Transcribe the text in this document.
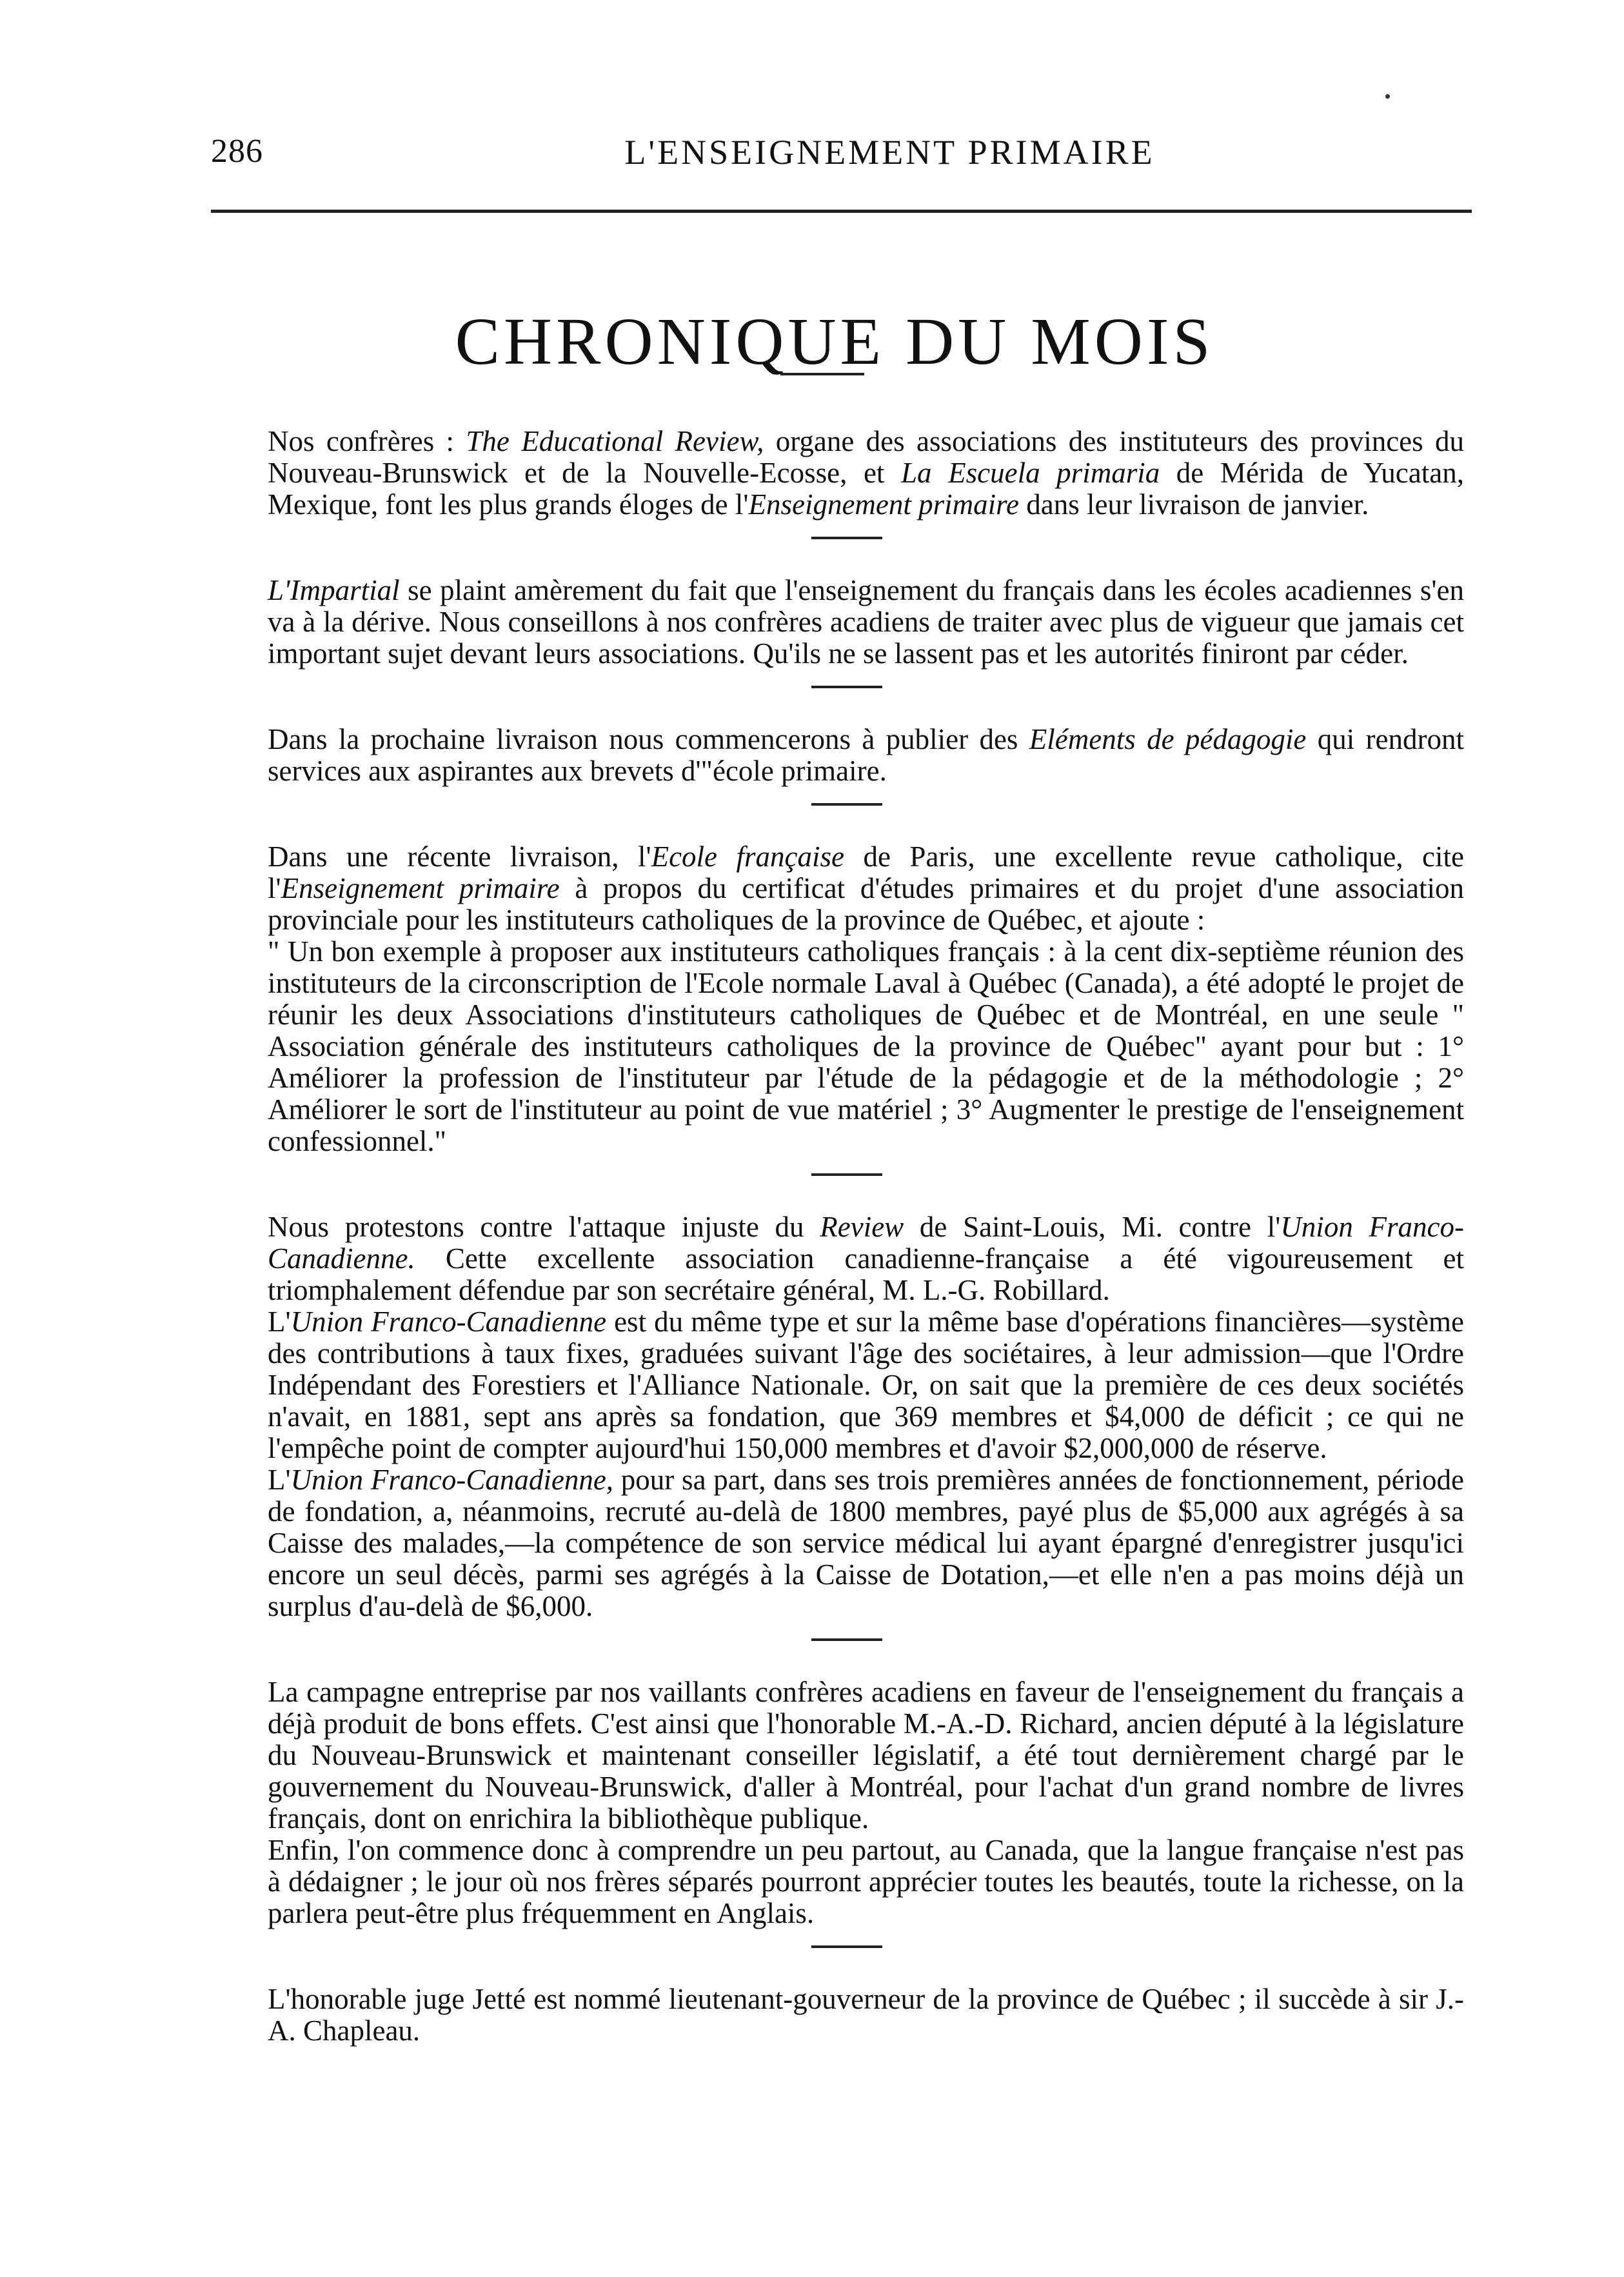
286	L'ENSEIGNEMENT PRIMAIRE
CHRONIQUE DU MOIS

Nos confrères : The Educational Review, organe des associations des instituteurs des provinces du Nouveau-Brunswick et de la Nouvelle-Ecosse, et La Escuela primaria de Mérida de Yucatan, Mexique, font les plus grands éloges de l'Enseignement primaire dans leur livraison de janvier.

L'Impartial se plaint amèrement du fait que l'enseignement du français dans les écoles acadiennes s'en va à la dérive. Nous conseillons à nos confrères acadiens de traiter avec plus de vigueur que jamais cet important sujet devant leurs associations. Qu'ils ne se lassent pas et les autorités finiront par céder.

Dans la prochaine livraison nous commencerons à publier des Eléments de pédagogie qui rendront services aux aspirantes aux brevets d'"école primaire.

Dans une récente livraison, l'Ecole française de Paris, une excellente revue catholique, cite l'Enseignement primaire à propos du certificat d'études primaires et du projet d'une association provinciale pour les instituteurs catholiques de la province de Québec, et ajoute :

" Un bon exemple à proposer aux instituteurs catholiques français : à la cent dix-septième réunion des instituteurs de la circonscription de l'Ecole normale Laval à Québec (Canada), a été adopté le projet de réunir les deux Associations d'instituteurs catholiques de Québec et de Montréal, en une seule " Association générale des instituteurs catholiques de la province de Québec" ayant pour but : 1° Améliorer la profession de l'instituteur par l'étude de la pédagogie et de la méthodologie ; 2° Améliorer le sort de l'instituteur au point de vue matériel ; 3° Augmenter le prestige de l'enseignement confessionnel."

Nous protestons contre l'attaque injuste du Review de Saint-Louis, Mi. contre l'Union Franco-Canadienne. Cette excellente association canadienne-française a été vigoureusement et triomphalement défendue par son secrétaire général, M. L.-G. Robillard.

L'Union Franco-Canadienne est du même type et sur la même base d'opérations financières—système des contributions à taux fixes, graduées suivant l'âge des sociétaires, à leur admission—que l'Ordre Indépendant des Forestiers et l'Alliance Nationale. Or, on sait que la première de ces deux sociétés n'avait, en 1881, sept ans après sa fondation, que 369 membres et $4,000 de déficit ; ce qui ne l'empêche point de compter aujourd'hui 150,000 membres et d'avoir $2,000,000 de réserve.

L'Union Franco-Canadienne, pour sa part, dans ses trois premières années de fonctionnement, période de fondation, a, néanmoins, recruté au-delà de 1800 membres, payé plus de $5,000 aux agrégés à sa Caisse des malades,—la compétence de son service médical lui ayant épargné d'enregistrer jusqu'ici encore un seul décès, parmi ses agrégés à la Caisse de Dotation,—et elle n'en a pas moins déjà un surplus d'au-delà de $6,000.

La campagne entreprise par nos vaillants confrères acadiens en faveur de l'enseignement du français a déjà produit de bons effets. C'est ainsi que l'honorable M.-A.-D. Richard, ancien député à la législature du Nouveau-Brunswick et maintenant conseiller législatif, a été tout dernièrement chargé par le gouvernement du Nouveau-Brunswick, d'aller à Montréal, pour l'achat d'un grand nombre de livres français, dont on enrichira la bibliothèque publique.

Enfin, l'on commence donc à comprendre un peu partout, au Canada, que la langue française n'est pas à dédaigner ; le jour où nos frères séparés pourront apprécier toutes les beautés, toute la richesse, on la parlera peut-être plus fréquemment en Anglais.

L'honorable juge Jetté est nommé lieutenant-gouverneur de la province de Québec ; il succède à sir J.-A. Chapleau.
